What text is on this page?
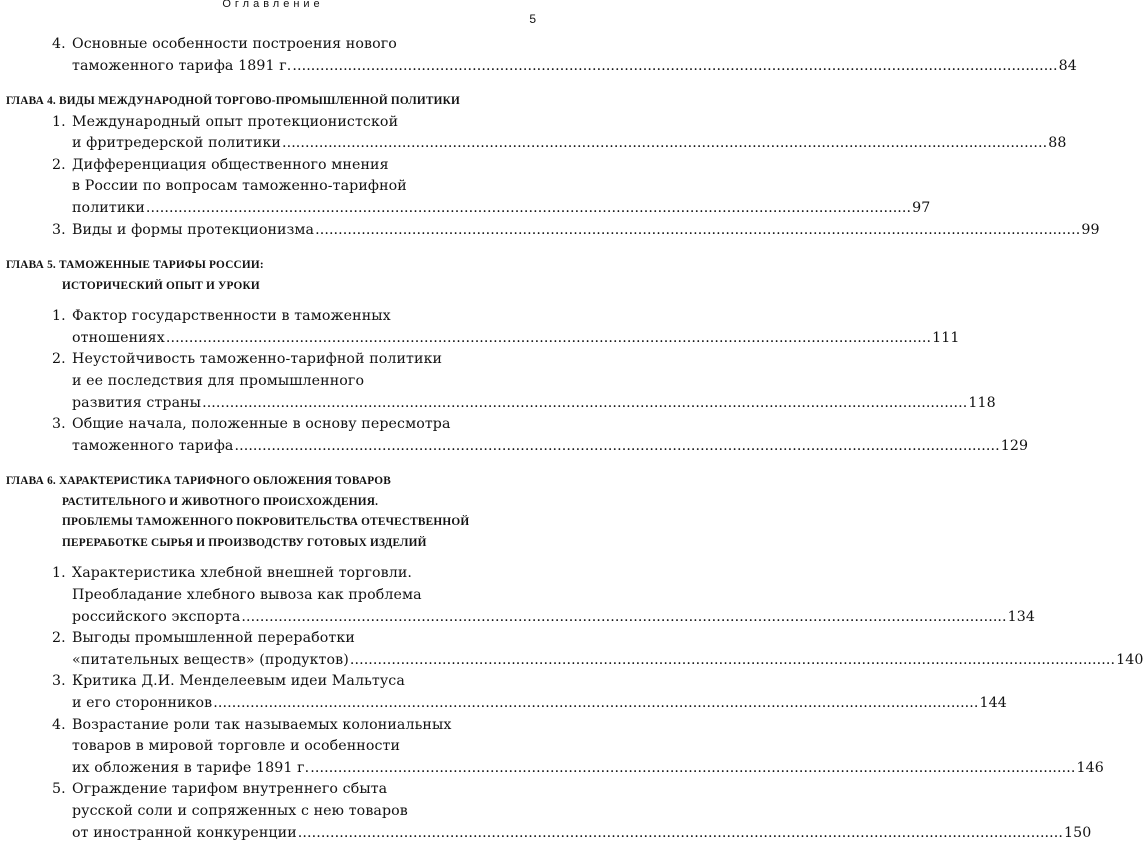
Оглавление
5
4. Основные особенности построения нового
таможенного тарифа 1891 г. ...................................................................................................................................................................... 84
ГЛАВА 4. ВИДЫ МЕЖДУНАРОДНОЙ ТОРГОВО-ПРОМЫШЛЕННОЙ ПОЛИТИКИ
1. Международный опыт протекционистской
и фритредерской политики ...................................................................................................................................................................... 88
2. Дифференциация общественного мнения
в России по вопросам таможенно-тарифной
политики ...................................................................................................................................................................... 97
3. Виды и формы протекционизма ...................................................................................................................................................................... 99
ГЛАВА 5. ТАМОЖЕННЫЕ ТАРИФЫ РОССИИ:
ИСТОРИЧЕСКИЙ ОПЫТ И УРОКИ
1. Фактор государственности в таможенных
отношениях ...................................................................................................................................................................... 111
2. Неустойчивость таможенно-тарифной политики
и ее последствия для промышленного
развития страны ...................................................................................................................................................................... 118
3. Общие начала, положенные в основу пересмотра
таможенного тарифа ...................................................................................................................................................................... 129
ГЛАВА 6. ХАРАКТЕРИСТИКА ТАРИФНОГО ОБЛОЖЕНИЯ ТОВАРОВ
РАСТИТЕЛЬНОГО И ЖИВОТНОГО ПРОИСХОЖДЕНИЯ.
ПРОБЛЕМЫ ТАМОЖЕННОГО ПОКРОВИТЕЛЬСТВА ОТЕЧЕСТВЕННОЙ
ПЕРЕРАБОТКЕ СЫРЬЯ И ПРОИЗВОДСТВУ ГОТОВЫХ ИЗДЕЛИЙ
1. Характеристика хлебной внешней торговли.
Преобладание хлебного вывоза как проблема
российского экспорта ...................................................................................................................................................................... 134
2. Выгоды промышленной переработки
«питательных веществ» (продуктов) ...................................................................................................................................................................... 140
3. Критика Д.И. Менделеевым идеи Мальтуса
и его сторонников ...................................................................................................................................................................... 144
4. Возрастание роли так называемых колониальных
товаров в мировой торговле и особенности
их обложения в тарифе 1891 г. ...................................................................................................................................................................... 146
5. Ограждение тарифом внутреннего сбыта
русской соли и сопряженных с нею товаров
от иностранной конкуренции ...................................................................................................................................................................... 150
